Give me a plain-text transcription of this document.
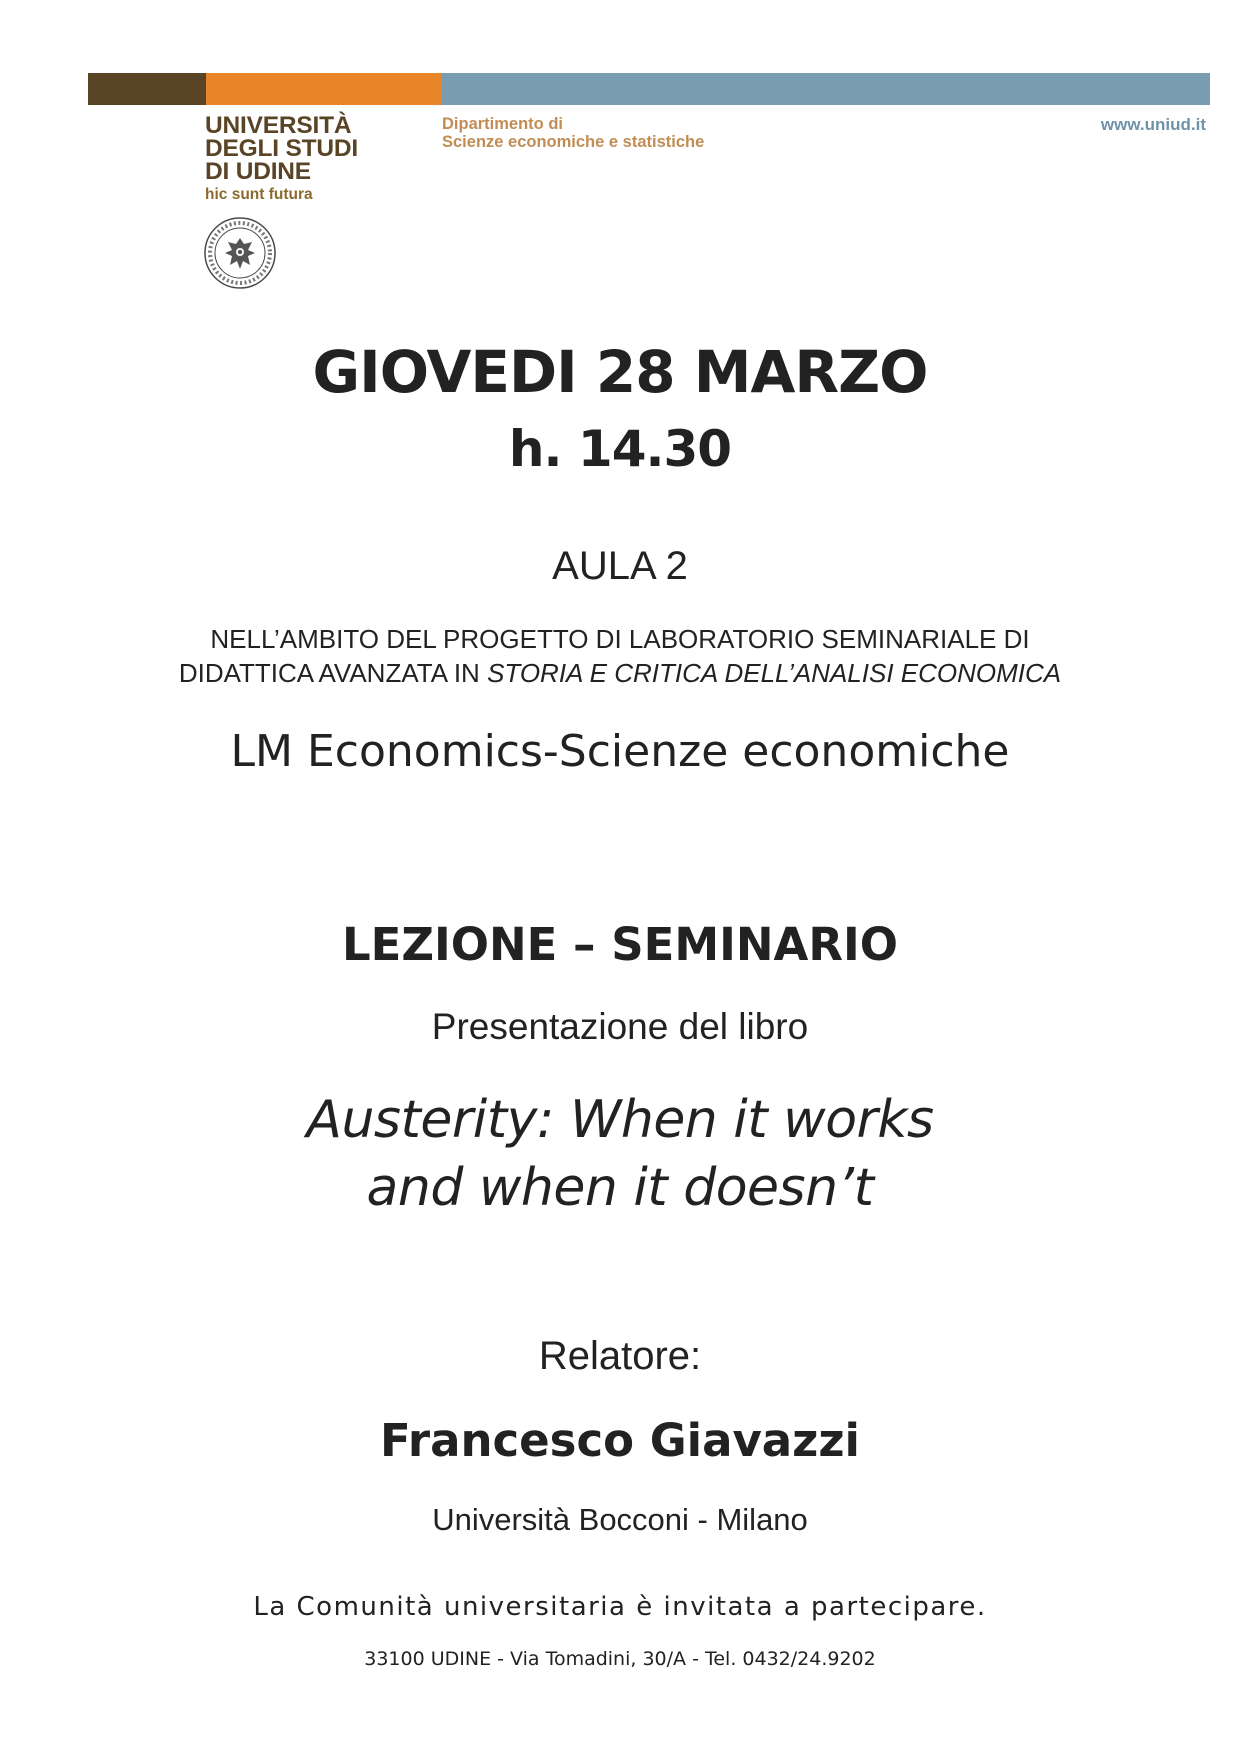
UNIVERSITÀ
DEGLI STUDI
DI UDINE
hic sunt futura
Dipartimento di
Scienze economiche e statistiche
www.uniud.it
GIOVEDI 28 MARZO
h. 14.30
AULA 2
NELL’AMBITO DEL PROGETTO DI LABORATORIO SEMINARIALE DI
DIDATTICA AVANZATA IN STORIA E CRITICA DELL’ANALISI ECONOMICA
LM Economics-Scienze economiche
LEZIONE – SEMINARIO
Presentazione del libro
Austerity: When it works
and when it doesn’t
Relatore:
Francesco Giavazzi
Università Bocconi - Milano
La Comunità universitaria è invitata a partecipare.
33100 UDINE - Via Tomadini, 30/A - Tel. 0432/24.9202
